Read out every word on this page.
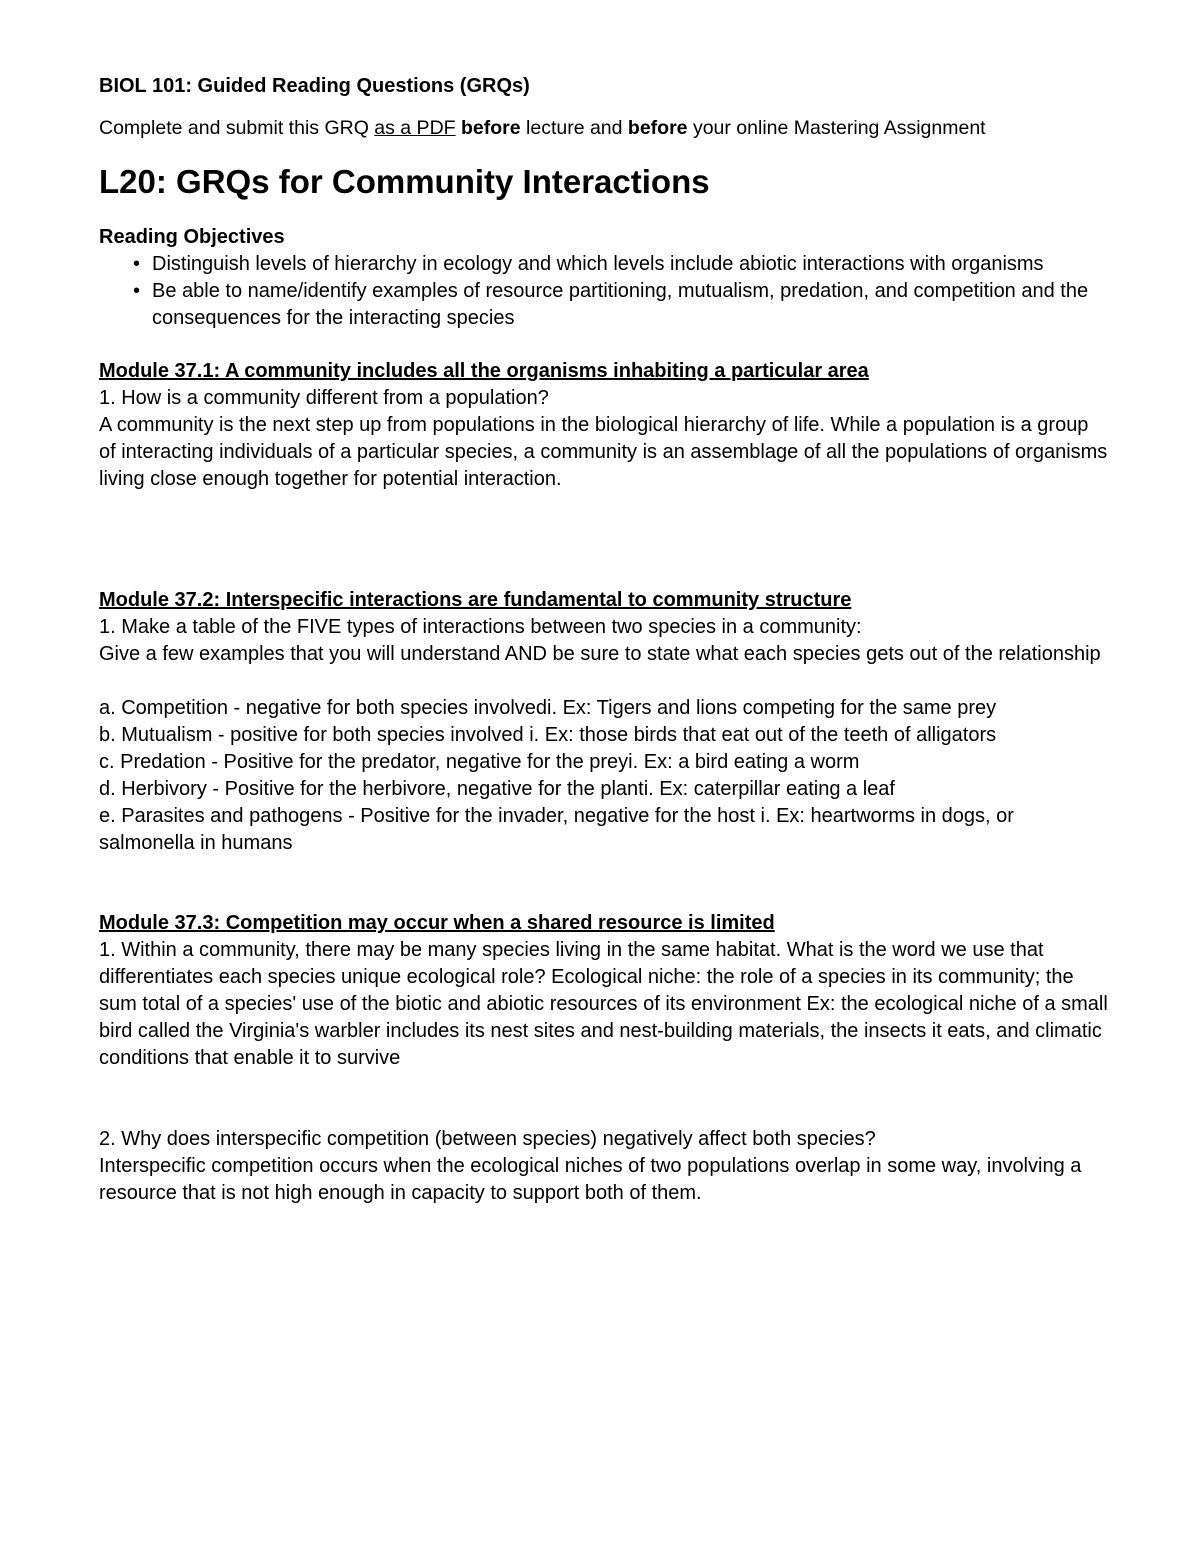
BIOL 101: Guided Reading Questions (GRQs)

Complete and submit this GRQ as a PDF before lecture and before your online Mastering Assignment

L20: GRQs for Community Interactions

Reading Objectives

• Distinguish levels of hierarchy in ecology and which levels include abiotic interactions with organisms
• Be able to name/identify examples of resource partitioning, mutualism, predation, and competition and the consequences for the interacting species

Module 37.1: A community includes all the organisms inhabiting a particular area

1. How is a community different from a population?

A community is the next step up from populations in the biological hierarchy of life. While a population is a group of interacting individuals of a particular species, a community is an assemblage of all the populations of organisms living close enough together for potential interaction.

Module 37.2: Interspecific interactions are fundamental to community structure

1. Make a table of the FIVE types of interactions between two species in a community:

Give a few examples that you will understand AND be sure to state what each species gets out of the relationship

a. Competition - negative for both species involvedi. Ex: Tigers and lions competing for the same prey

b. Mutualism - positive for both species involved i. Ex: those birds that eat out of the teeth of alligators

c. Predation - Positive for the predator, negative for the preyi. Ex: a bird eating a worm

d. Herbivory - Positive for the herbivore, negative for the planti. Ex: caterpillar eating a leaf

e. Parasites and pathogens - Positive for the invader, negative for the host i. Ex: heartworms in dogs, or salmonella in humans

Module 37.3: Competition may occur when a shared resource is limited

1. Within a community, there may be many species living in the same habitat. What is the word we use that differentiates each species unique ecological role? Ecological niche: the role of a species in its community; the sum total of a species' use of the biotic and abiotic resources of its environment Ex: the ecological niche of a small bird called the Virginia's warbler includes its nest sites and nest-building materials, the insects it eats, and climatic conditions that enable it to survive

2. Why does interspecific competition (between species) negatively affect both species?

Interspecific competition occurs when the ecological niches of two populations overlap in some way, involving a resource that is not high enough in capacity to support both of them.
